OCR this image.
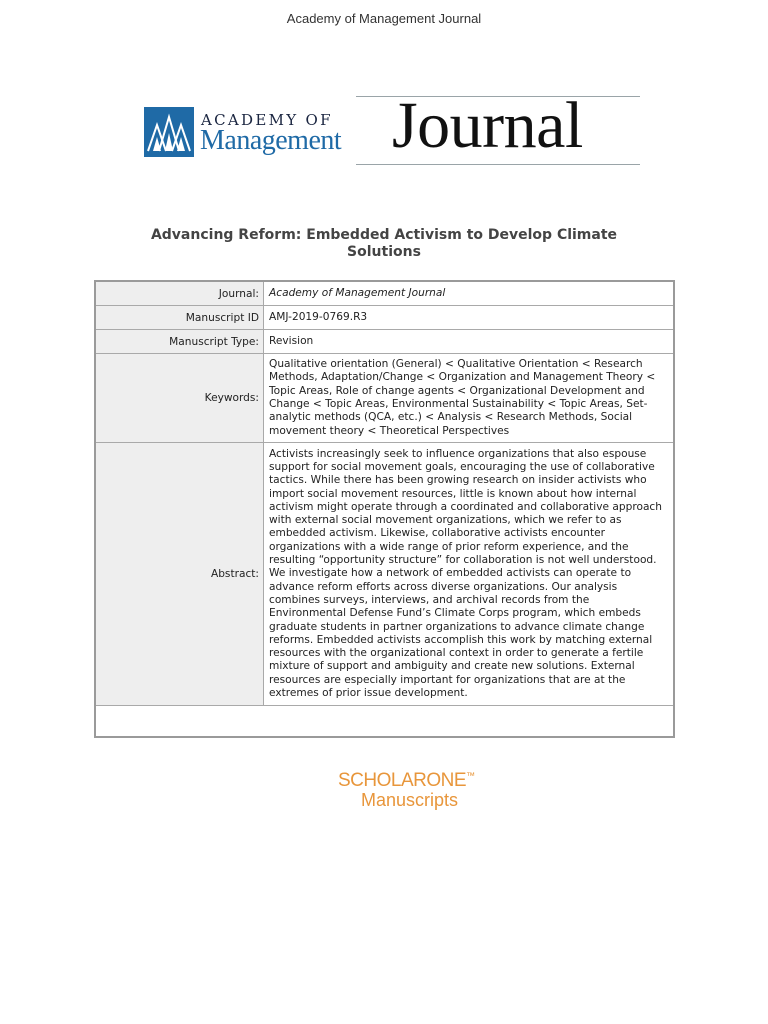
Academy of Management Journal
ACADEMY OF
Management Journal
Advancing Reform: Embedded Activism to Develop Climate
Solutions
Journal:	Academy of Management Journal
Manuscript ID	AMJ-2019-0769.R3
Manuscript Type:	Revision
Keywords:	Qualitative orientation (General) < Qualitative Orientation < Research Methods, Adaptation/Change < Organization and Management Theory < Topic Areas, Role of change agents < Organizational Development and Change < Topic Areas, Environmental Sustainability < Topic Areas, Set-analytic methods (QCA, etc.) < Analysis < Research Methods, Social movement theory < Theoretical Perspectives
Abstract:	Activists increasingly seek to influence organizations that also espouse support for social movement goals, encouraging the use of collaborative tactics. While there has been growing research on insider activists who import social movement resources, little is known about how internal activism might operate through a coordinated and collaborative approach with external social movement organizations, which we refer to as embedded activism. Likewise, collaborative activists encounter organizations with a wide range of prior reform experience, and the resulting “opportunity structure” for collaboration is not well understood. We investigate how a network of embedded activists can operate to advance reform efforts across diverse organizations. Our analysis combines surveys, interviews, and archival records from the Environmental Defense Fund’s Climate Corps program, which embeds graduate students in partner organizations to advance climate change reforms. Embedded activists accomplish this work by matching external resources with the organizational context in order to generate a fertile mixture of support and ambiguity and create new solutions. External resources are especially important for organizations that are at the extremes of prior issue development.

SCHOLARONE™
Manuscripts
